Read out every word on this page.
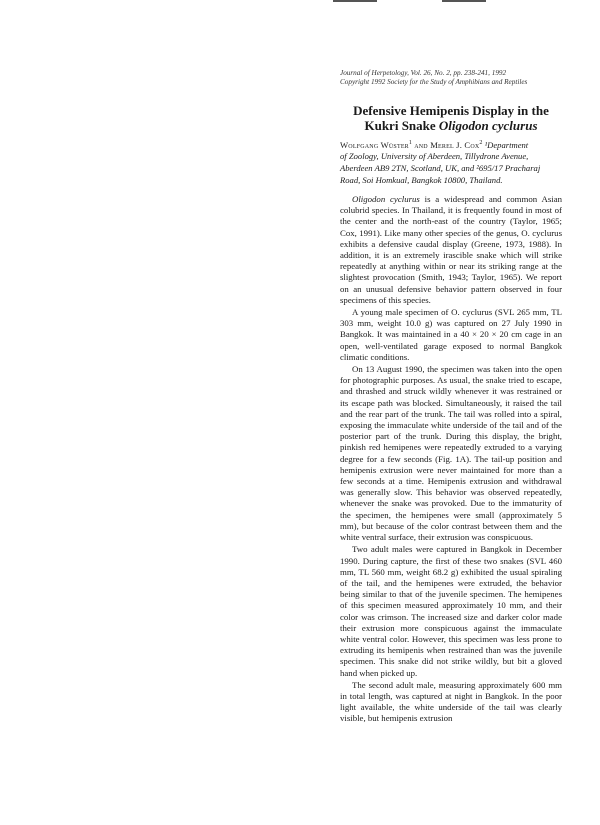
Journal of Herpetology, Vol. 26, No. 2, pp. 238-241, 1992
Copyright 1992 Society for the Study of Amphibians and Reptiles
Defensive Hemipenis Display in the
Kukri Snake Oligodon cyclurus
Wolfgang Wüster$^1$ and Merel J. Cox$^2$ ¹Department
of Zoology, University of Aberdeen, Tillydrone Avenue,
Aberdeen AB9 2TN, Scotland, UK, and ²695/17 Pracharaj
Road, Soi Homkual, Bangkok 10800, Thailand.

Oligodon cyclurus is a widespread and common Asian colubrid species. In Thailand, it is frequently found in most of the center and the north-east of the country (Taylor, 1965; Cox, 1991). Like many other species of the genus, O. cyclurus exhibits a defensive caudal display (Greene, 1973, 1988). In addition, it is an extremely irascible snake which will strike repeatedly at anything within or near its striking range at the slightest provocation (Smith, 1943; Taylor, 1965). We report on an unusual defensive behavior pattern observed in four specimens of this species.

A young male specimen of O. cyclurus (SVL 265 mm, TL 303 mm, weight 10.0 g) was captured on 27 July 1990 in Bangkok. It was maintained in a 40 × 20 × 20 cm cage in an open, well-ventilated garage exposed to normal Bangkok climatic conditions.

On 13 August 1990, the specimen was taken into the open for photographic purposes. As usual, the snake tried to escape, and thrashed and struck wildly whenever it was restrained or its escape path was blocked. Simultaneously, it raised the tail and the rear part of the trunk. The tail was rolled into a spiral, exposing the immaculate white underside of the tail and of the posterior part of the trunk. During this display, the bright, pinkish red hemipenes were repeatedly extruded to a varying degree for a few seconds (Fig. 1A). The tail-up position and hemipenis extrusion were never maintained for more than a few seconds at a time. Hemipenis extrusion and withdrawal was generally slow. This behavior was observed repeatedly, whenever the snake was provoked. Due to the immaturity of the specimen, the hemipenes were small (approximately 5 mm), but because of the color contrast between them and the white ventral surface, their extrusion was conspicuous.

Two adult males were captured in Bangkok in December 1990. During capture, the first of these two snakes (SVL 460 mm, TL 560 mm, weight 68.2 g) exhibited the usual spiraling of the tail, and the hemipenes were extruded, the behavior being similar to that of the juvenile specimen. The hemipenes of this specimen measured approximately 10 mm, and their color was crimson. The increased size and darker color made their extrusion more conspicuous against the immaculate white ventral color. However, this specimen was less prone to extruding its hemipenis when restrained than was the juvenile specimen. This snake did not strike wildly, but bit a gloved hand when picked up.

The second adult male, measuring approximately 600 mm in total length, was captured at night in Bangkok. In the poor light available, the white underside of the tail was clearly visible, but hemipenis extrusion
